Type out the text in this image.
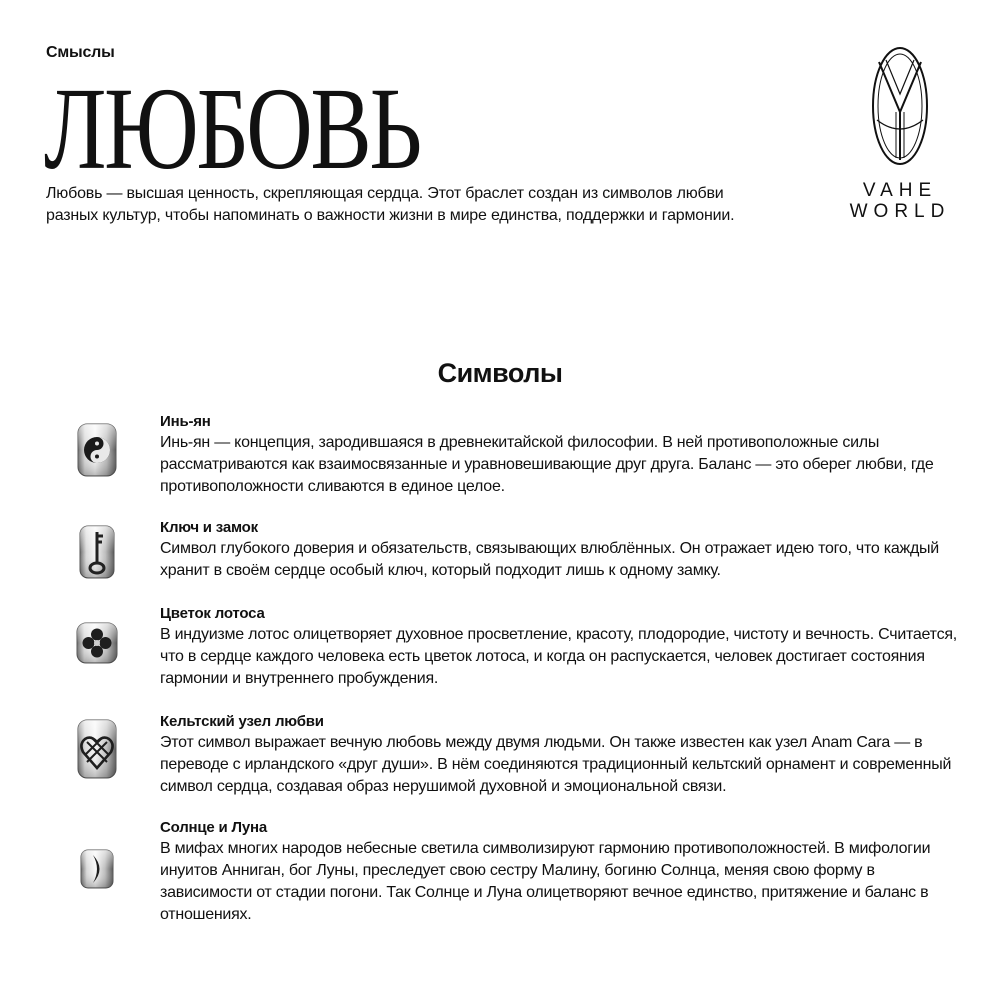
Смыслы
ЛЮБОВЬ

Любовь — высшая ценность, скрепляющая сердца. Этот браслет создан из символов любви разных культур, чтобы напоминать о важности жизни в мире единства, поддержки и гармонии.

VAHE
WORLD
Символы
Инь-ян

Инь-ян — концепция, зародившаяся в древнекитайской философии. В ней противоположные силы рассматриваются как взаимосвязанные и уравновешивающие друг друга. Баланс — это оберег любви, где противоположности сливаются в единое целое.

Ключ и замок

Символ глубокого доверия и обязательств, связывающих влюблённых. Он отражает идею того, что каждый хранит в своём сердце особый ключ, который подходит лишь к одному замку.

Цветок лотоса

В индуизме лотос олицетворяет духовное просветление, красоту, плодородие, чистоту и вечность. Считается, что в сердце каждого человека есть цветок лотоса, и когда он распускается, человек достигает состояния гармонии и внутреннего пробуждения.

Кельтский узел любви

Этот символ выражает вечную любовь между двумя людьми. Он также известен как узел Anam Cara — в переводе с ирландского «друг души». В нём соединяются традиционный кельтский орнамент и современный символ сердца, создавая образ нерушимой духовной и эмоциональной связи.

Солнце и Луна

В мифах многих народов небесные светила символизируют гармонию противоположностей. В мифологии инуитов Анниган, бог Луны, преследует свою сестру Малину, богиню Солнца, меняя свою форму в зависимости от стадии погони. Так Солнце и Луна олицетворяют вечное единство, притяжение и баланс в отношениях.
